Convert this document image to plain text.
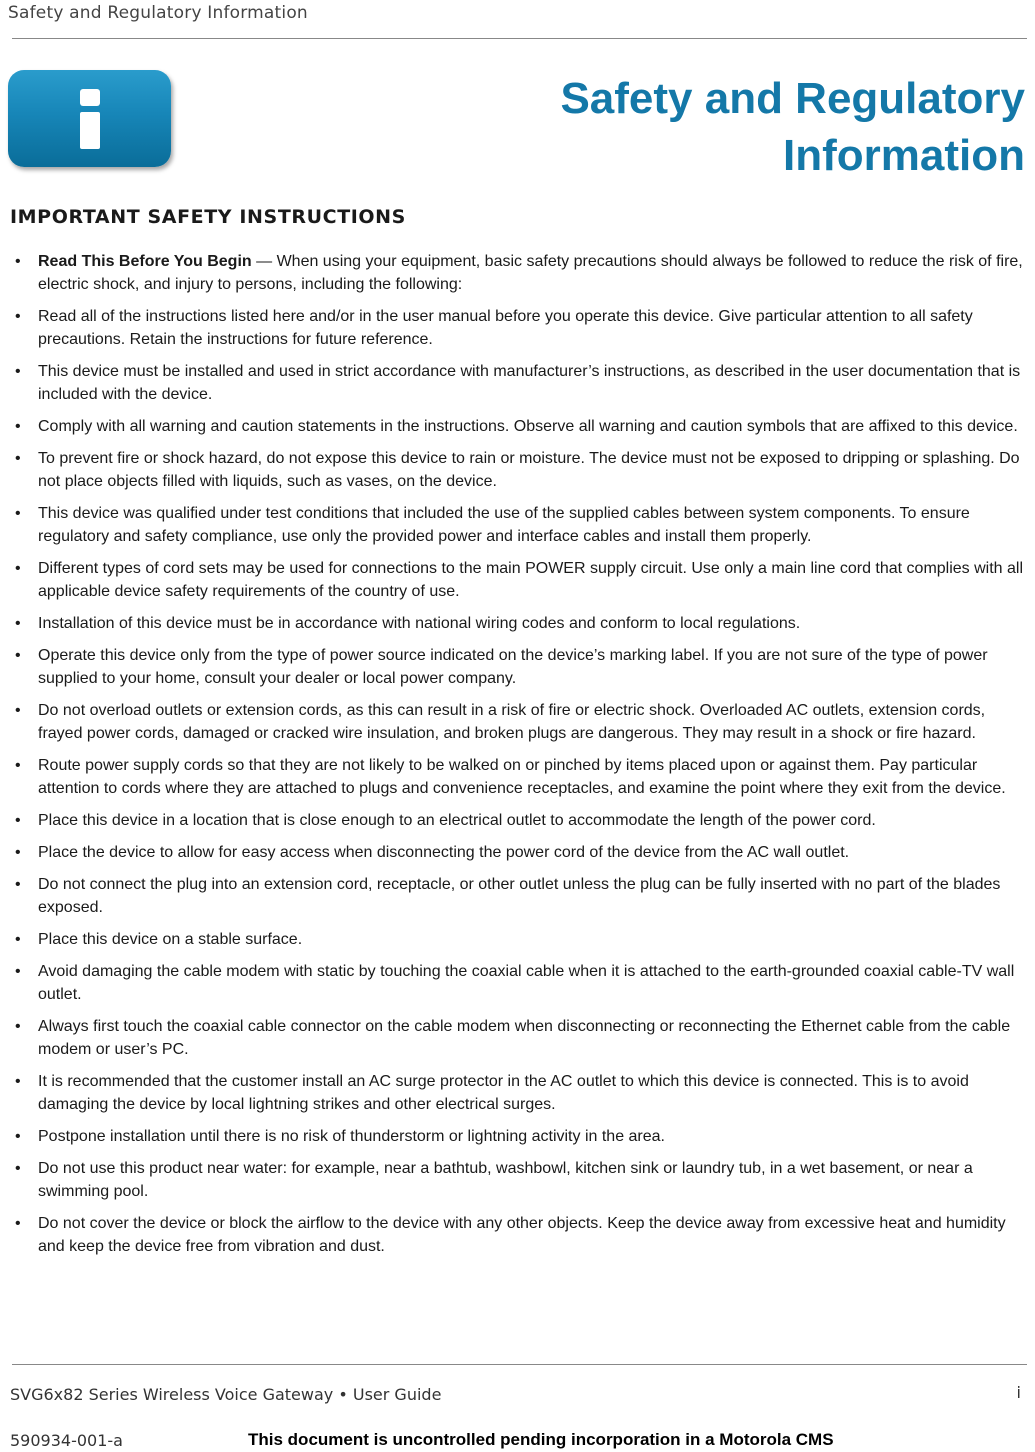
Safety and Regulatory Information
Safety and Regulatory
Information
IMPORTANT SAFETY INSTRUCTIONS
• Read This Before You Begin — When using your equipment, basic safety precautions should always be followed to reduce the risk of fire, electric shock, and injury to persons, including the following:
• Read all of the instructions listed here and/or in the user manual before you operate this device. Give particular attention to all safety precautions. Retain the instructions for future reference.
• This device must be installed and used in strict accordance with manufacturer’s instructions, as described in the user documentation that is included with the device.
• Comply with all warning and caution statements in the instructions. Observe all warning and caution symbols that are affixed to this device.
• To prevent fire or shock hazard, do not expose this device to rain or moisture. The device must not be exposed to dripping or splashing. Do not place objects filled with liquids, such as vases, on the device.
• This device was qualified under test conditions that included the use of the supplied cables between system components. To ensure regulatory and safety compliance, use only the provided power and interface cables and install them properly.
• Different types of cord sets may be used for connections to the main POWER supply circuit. Use only a main line cord that complies with all applicable device safety requirements of the country of use.
• Installation of this device must be in accordance with national wiring codes and conform to local regulations.
• Operate this device only from the type of power source indicated on the device’s marking label. If you are not sure of the type of power supplied to your home, consult your dealer or local power company.
• Do not overload outlets or extension cords, as this can result in a risk of fire or electric shock. Overloaded AC outlets, extension cords, frayed power cords, damaged or cracked wire insulation, and broken plugs are dangerous. They may result in a shock or fire hazard.
• Route power supply cords so that they are not likely to be walked on or pinched by items placed upon or against them. Pay particular attention to cords where they are attached to plugs and convenience receptacles, and examine the point where they exit from the device.
• Place this device in a location that is close enough to an electrical outlet to accommodate the length of the power cord.
• Place the device to allow for easy access when disconnecting the power cord of the device from the AC wall outlet.
• Do not connect the plug into an extension cord, receptacle, or other outlet unless the plug can be fully inserted with no part of the blades exposed.
• Place this device on a stable surface.
• Avoid damaging the cable modem with static by touching the coaxial cable when it is attached to the earth-grounded coaxial cable-TV wall outlet.
• Always first touch the coaxial cable connector on the cable modem when disconnecting or reconnecting the Ethernet cable from the cable modem or user’s PC.
• It is recommended that the customer install an AC surge protector in the AC outlet to which this device is connected. This is to avoid damaging the device by local lightning strikes and other electrical surges.
• Postpone installation until there is no risk of thunderstorm or lightning activity in the area.
• Do not use this product near water: for example, near a bathtub, washbowl, kitchen sink or laundry tub, in a wet basement, or near a swimming pool.
• Do not cover the device or block the airflow to the device with any other objects. Keep the device away from excessive heat and humidity and keep the device free from vibration and dust.
SVG6x82 Series Wireless Voice Gateway • User Guide	i
590934-001-a	This document is uncontrolled pending incorporation in a Motorola CMS
